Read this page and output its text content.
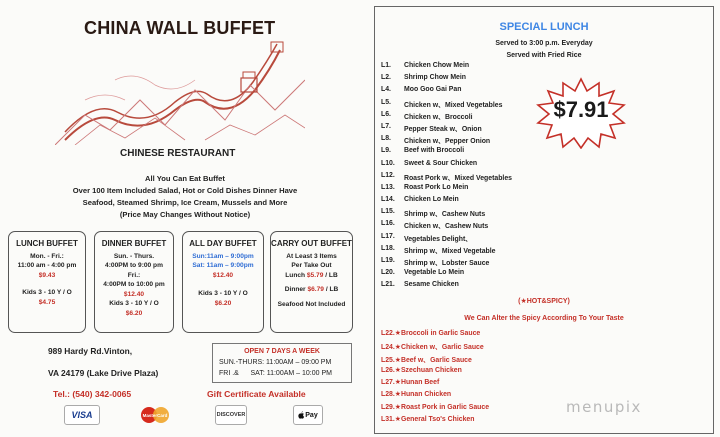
CHINA WALL BUFFET
CHINESE RESTAURANT
All You Can Eat Buffet
Over 100 Item Included Salad, Hot or Cold Dishes Dinner Have
Seafood, Steamed Shrimp, Ice Cream, Mussels and More
(Price May Changes Without Notice)
LUNCH BUFFET
Mon. - Fri.:
11:00 am - 4:00 pm
$9.43
Kids 3 - 10 Y / O
$4.75
DINNER BUFFET
Sun. - Thurs.
4:00PM to 9:00 pm
Fri.:
4:00PM to 10:00 pm
$12.40
Kids 3 - 10 Y / O
$6.20
ALL DAY BUFFET
Sun:11am – 9:00pm
Sat: 11am – 9:00pm
$12.40
Kids 3 - 10 Y / O
$6.20
CARRY OUT BUFFET
At Least 3 Items
Per Take Out
Lunch $5.79 / LB
Dinner $6.79 / LB
Seafood Not Included
989 Hardy Rd.Vinton,
VA 24179 (Lake Drive Plaza)
Tel.: (540) 342-0065
OPEN 7 DAYS A WEEK
SUN.-THURS: 11:00AM – 09:00 PM
FRI .&      SAT: 11:00AM – 10:00 PM
Gift Certificate Available
VISA	MasterCard	DISCOVER	Pay
SPECIAL LUNCH
Served to 3:00 p.m. Everyday
Served with Fried Rice
L1.	Chicken Chow Mein
L2.	Shrimp Chow Mein
L4.	Moo Goo Gai Pan
L5.	Chicken w、Mixed Vegetables
L6.	Chicken w、Broccoli
L7.	Pepper Steak w、Onion
L8.	Chicken w、Pepper Onion
L9.	Beef with Broccoli
L10.	Sweet & Sour Chicken
L12.	Roast Pork w、Mixed Vegetables
L13.	Roast Pork Lo Mein
L14.	Chicken Lo Mein
L15.	Shrimp w、Cashew Nuts
L16.	Chicken w、Cashew Nuts
L17.	Vegetables Delight、
L18.	Shrimp w、Mixed Vegetable
L19.	Shrimp w、Lobster Sauce
L20.	Vegetable Lo Mein
L21.	Sesame Chicken
$7.91
(★HOT&SPICY)
We Can Alter the Spicy According To Your Taste
L22.★Broccoli in Garlic Sauce
L24.★Chicken w、Garlic Sauce
L25.★Beef w、Garlic Sauce
L26.★Szechuan Chicken
L27.★Hunan Beef
L28.★Hunan Chicken
L29.★Roast Pork in Garlic Sauce
L31.★General Tso's Chicken
menupix
